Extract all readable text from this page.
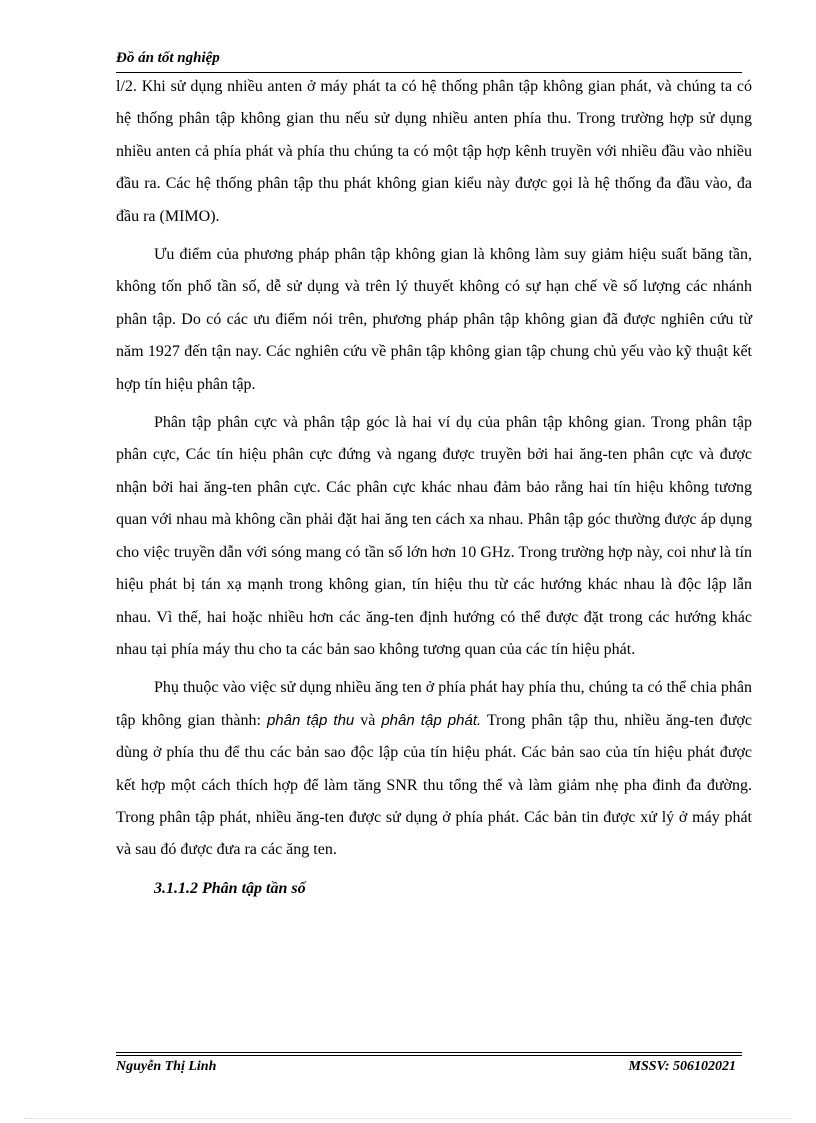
Đồ án tốt nghiệp

l/2. Khi sử dụng nhiều anten ở máy phát ta có hệ thống phân tập không gian phát, và chúng ta có hệ thống phân tập không gian thu nếu sử dụng nhiều anten phía thu. Trong trường hợp sử dụng nhiều anten cả phía phát và phía thu chúng ta có một tập hợp kênh truyền với nhiều đầu vào nhiều đầu ra. Các hệ thống phân tập thu phát không gian kiểu này được gọi là hệ thống đa đầu vào, đa đầu ra (MIMO).

Ưu điểm của phương pháp phân tập không gian là không làm suy giảm hiệu suất băng tần, không tốn phổ tần số, dễ sử dụng và trên lý thuyết không có sự hạn chế về số lượng các nhánh phân tập. Do có các ưu điểm nói trên, phương pháp phân tập không gian đã được nghiên cứu từ năm 1927 đến tận nay. Các nghiên cứu về phân tập không gian tập chung chủ yếu vào kỹ thuật kết hợp tín hiệu phân tập.

Phân tập phân cực và phân tập góc là hai ví dụ của phân tập không gian. Trong phân tập phân cực, Các tín hiệu phân cực đứng và ngang được truyền bởi hai ăng-ten phân cực và được nhận bởi hai ăng-ten phân cực. Các phân cực khác nhau đảm bảo rằng hai tín hiệu không tương quan với nhau mà không cần phải đặt hai ăng ten cách xa nhau. Phân tập góc thường được áp dụng cho việc truyền dẫn với sóng mang có tần số lớn hơn 10 GHz. Trong trường hợp này, coi như là tín hiệu phát bị tán xạ mạnh trong không gian, tín hiệu thu từ các hướng khác nhau là độc lập lẫn nhau. Vì thế, hai hoặc nhiều hơn các ăng-ten định hướng có thể được đặt trong các hướng khác nhau tại phía máy thu cho ta các bản sao không tương quan của các tín hiệu phát.

Phụ thuộc vào việc sử dụng nhiều ăng ten ở phía phát hay phía thu, chúng ta có thể chia phân tập không gian thành: phân tập thu và phân tập phát. Trong phân tập thu, nhiều ăng-ten được dùng ở phía thu để thu các bản sao độc lập của tín hiệu phát. Các bản sao của tín hiệu phát được kết hợp một cách thích hợp để làm tăng SNR thu tổng thể và làm giảm nhẹ pha đinh đa đường. Trong phân tập phát, nhiều ăng-ten được sử dụng ở phía phát. Các bản tin được xử lý ở máy phát và sau đó được đưa ra các ăng ten.

3.1.1.2 Phân tập tần số
Nguyễn Thị Linh	MSSV: 506102021
